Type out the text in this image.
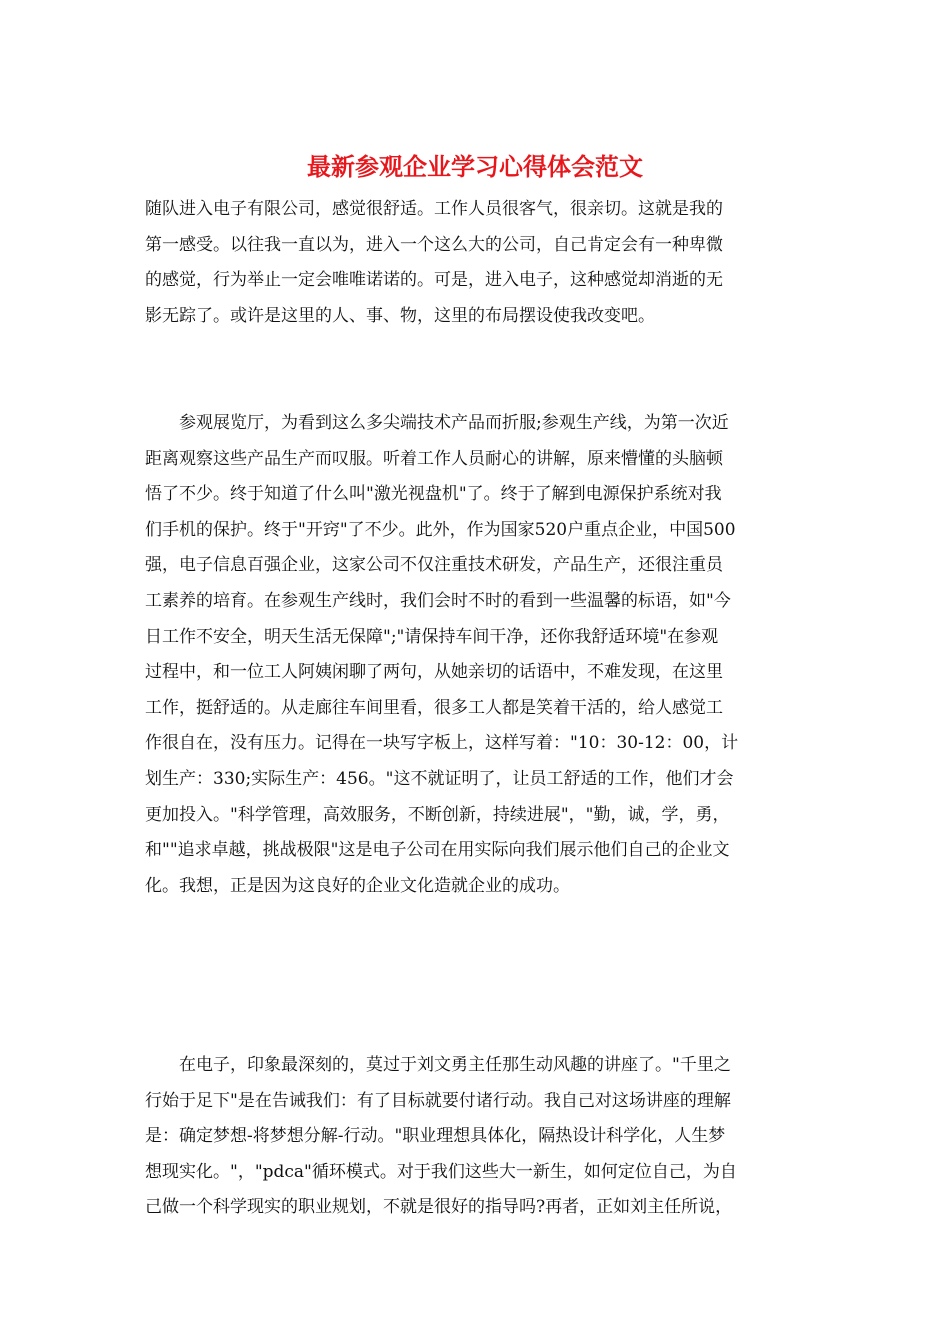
最新参观企业学习心得体会范文
随队进入电子有限公司，感觉很舒适。工作人员很客气，很亲切。这就是我的
第一感受。以往我一直以为，进入一个这么大的公司，自己肯定会有一种卑微
的感觉，行为举止一定会唯唯诺诺的。可是，进入电子，这种感觉却消逝的无
影无踪了。或许是这里的人、事、物，这里的布局摆设使我改变吧。
　　参观展览厅，为看到这么多尖端技术产品而折服;参观生产线，为第一次近
距离观察这些产品生产而叹服。听着工作人员耐心的讲解，原来懵懂的头脑顿
悟了不少。终于知道了什么叫"激光视盘机"了。终于了解到电源保护系统对我
们手机的保护。终于"开窍"了不少。此外，作为国家520户重点企业，中国500
强，电子信息百强企业，这家公司不仅注重技术研发，产品生产，还很注重员
工素养的培育。在参观生产线时，我们会时不时的看到一些温馨的标语，如"今
日工作不安全，明天生活无保障";"请保持车间干净，还你我舒适环境"在参观
过程中，和一位工人阿姨闲聊了两句，从她亲切的话语中，不难发现，在这里
工作，挺舒适的。从走廊往车间里看，很多工人都是笑着干活的，给人感觉工
作很自在，没有压力。记得在一块写字板上，这样写着："10：30-12：00，计
划生产：330;实际生产：456。"这不就证明了，让员工舒适的工作，他们才会
更加投入。"科学管理，高效服务，不断创新，持续进展"，"勤，诚，学，勇，
和""追求卓越，挑战极限"这是电子公司在用实际向我们展示他们自己的企业文
化。我想，正是因为这良好的企业文化造就企业的成功。
　　在电子，印象最深刻的，莫过于刘文勇主任那生动风趣的讲座了。"千里之
行始于足下"是在告诫我们：有了目标就要付诸行动。我自己对这场讲座的理解
是：确定梦想-将梦想分解-行动。"职业理想具体化，隔热设计科学化，人生梦
想现实化。"，"pdca"循环模式。对于我们这些大一新生，如何定位自己，为自
己做一个科学现实的职业规划，不就是很好的指导吗?再者，正如刘主任所说，
